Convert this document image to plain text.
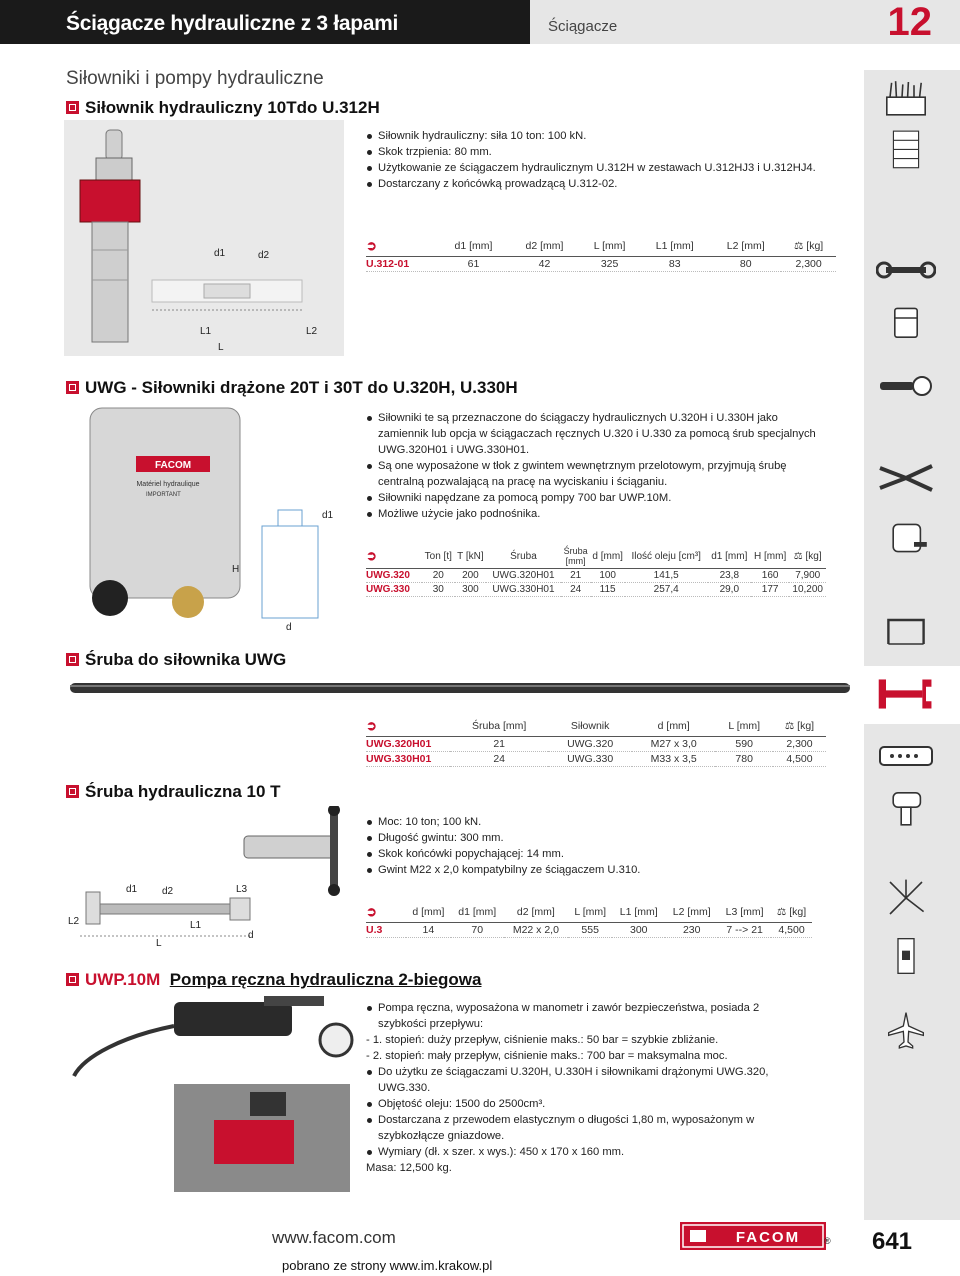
Ściągacze hydrauliczne z 3 łapami	Ściągacze	12
Siłowniki i pompy hydrauliczne
Siłownik hydrauliczny 10Tdo U.312H
d1	d2
L1	L2
L
Siłownik hydrauliczny: siła 10 ton: 100 kN.
Skok trzpienia: 80 mm.
Użytkowanie ze ściągaczem hydraulicznym U.312H w zestawach U.312HJ3 i U.312HJ4.
Dostarczany z końcówką prowadzącą U.312-02.
➲	d1 [mm]	d2 [mm]	L [mm]	L1 [mm]	L2 [mm]	⚖ [kg]
U.312-01	61	42	325	83	80	2,300
UWG - Siłowniki drążone 20T i 30T do U.320H, U.330H
FACOM
Matériel hydraulique
IMPORTANT
d1
H
d
Siłowniki te są przeznaczone do ściągaczy hydraulicznych U.320H i U.330H jako zamiennik lub opcja w ściągaczach ręcznych U.320 i U.330 za pomocą śrub specjalnych UWG.320H01 i UWG.330H01.
Są one wyposażone w tłok z gwintem wewnętrznym przelotowym, przyjmują śrubę centralną pozwalającą na pracę na wyciskaniu i ściąganiu.
Siłowniki napędzane za pomocą pompy 700 bar UWP.10M.
Możliwe użycie jako podnośnika.
➲	Ton [t]	T [kN]	Śruba	Śruba [mm]	d [mm]	Ilość oleju [cm³]	d1 [mm]	H [mm]	⚖ [kg]
UWG.320	20	200	UWG.320H01	21	100	141,5	23,8	160	7,900
UWG.330	30	300	UWG.330H01	24	115	257,4	29,0	177	10,200
Śruba do siłownika UWG
➲	Śruba [mm]	Siłownik	d [mm]	L [mm]	⚖ [kg]
UWG.320H01	21	UWG.320	M27 x 3,0	590	2,300
UWG.330H01	24	UWG.330	M33 x 3,5	780	4,500
Śruba hydrauliczna 10 T
d1 d2	L3
L2	L1
L
d
Moc: 10 ton; 100 kN.
Długość gwintu: 300 mm.
Skok końcówki popychającej: 14 mm.
Gwint M22 x 2,0 kompatybilny ze ściągaczem U.310.
➲	d [mm]	d1 [mm]	d2 [mm]	L [mm]	L1 [mm]	L2 [mm]	L3 [mm]	⚖ [kg]
U.3	14	70	M22 x 2,0	555	300	230	7 --> 21	4,500
UWP.10M Pompa ręczna hydrauliczna 2-biegowa
Pompa ręczna, wyposażona w manometr i zawór bezpieczeństwa, posiada 2 szybkości przepływu:
- 1. stopień: duży przepływ, ciśnienie maks.: 50 bar = szybkie zbliżanie.
- 2. stopień: mały przepływ, ciśnienie maks.: 700 bar = maksymalna moc.
Do użytku ze ściągaczami U.320H, U.330H i siłownikami drążonymi UWG.320, UWG.330.
Objętość oleju: 1500 do 2500cm³.
Dostarczana z przewodem elastycznym o długości 1,80 m, wyposażonym w szybkozłącze gniazdowe.
Wymiary (dł. x szer. x wys.): 450 x 170 x 160 mm.
Masa: 12,500 kg.
www.facom.com
pobrano ze strony www.im.krakow.pl
FACOM	®	641
